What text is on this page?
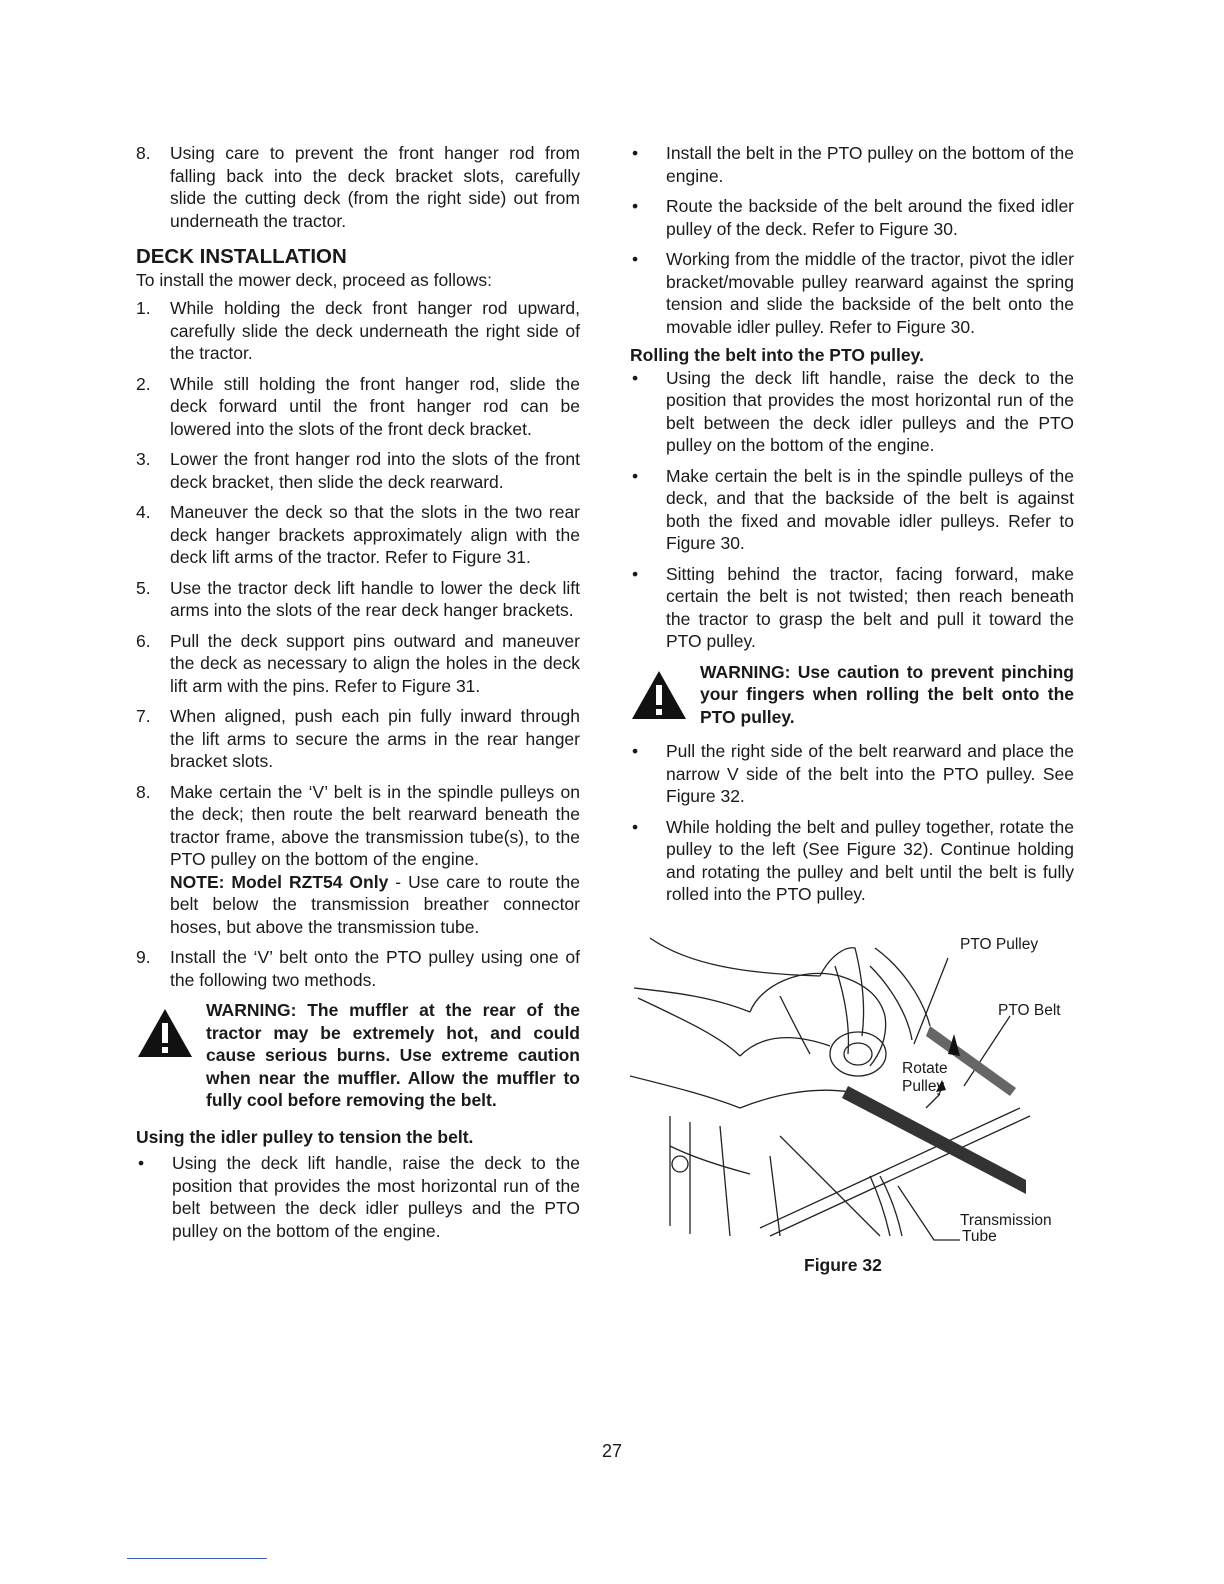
8.	Using care to prevent the front hanger rod from falling back into the deck bracket slots, carefully slide the cutting deck (from the right side) out from underneath the tractor.
DECK INSTALLATION

To install the mower deck, proceed as follows:

1.	While holding the deck front hanger rod upward, carefully slide the deck underneath the right side of the tractor.
2.	While still holding the front hanger rod, slide the deck forward until the front hanger rod can be lowered into the slots of the front deck bracket.
3.	Lower the front hanger rod into the slots of the front deck bracket, then slide the deck rearward.
4.	Maneuver the deck so that the slots in the two rear deck hanger brackets approximately align with the deck lift arms of the tractor. Refer to Figure 31.
5.	Use the tractor deck lift handle to lower the deck lift arms into the slots of the rear deck hanger brackets.
6.	Pull the deck support pins outward and maneuver the deck as necessary to align the holes in the deck lift arm with the pins. Refer to Figure 31.
7.	When aligned, push each pin fully inward through the lift arms to secure the arms in the rear hanger bracket slots.
8.	Make certain the ‘V’ belt is in the spindle pulleys on the deck; then route the belt rearward beneath the tractor frame, above the transmission tube(s), to the PTO pulley on the bottom of the engine.
NOTE: Model RZT54 Only - Use care to route the belt below the transmission breather connector hoses, but above the transmission tube.
9.	Install the ‘V’ belt onto the PTO pulley using one of the following two methods.
WARNING: The muffler at the rear of the tractor may be extremely hot, and could cause serious burns. Use extreme caution when near the muffler. Allow the muffler to fully cool before removing the belt.
Using the idler pulley to tension the belt.
•	Using the deck lift handle, raise the deck to the position that provides the most horizontal run of the belt between the deck idler pulleys and the PTO pulley on the bottom of the engine.
•	Install the belt in the PTO pulley on the bottom of the engine.
•	Route the backside of the belt around the fixed idler pulley of the deck. Refer to Figure 30.
•	Working from the middle of the tractor, pivot the idler bracket/movable pulley rearward against the spring tension and slide the backside of the belt onto the movable idler pulley. Refer to Figure 30.
Rolling the belt into the PTO pulley.
•	Using the deck lift handle, raise the deck to the position that provides the most horizontal run of the belt between the deck idler pulleys and the PTO pulley on the bottom of the engine.
•	Make certain the belt is in the spindle pulleys of the deck, and that the backside of the belt is against both the fixed and movable idler pulleys. Refer to Figure 30.
•	Sitting behind the tractor, facing forward, make certain the belt is not twisted; then reach beneath the tractor to grasp the belt and pull it toward the PTO pulley.
WARNING: Use caution to prevent pinching your fingers when rolling the belt onto the PTO pulley.
•	Pull the right side of the belt rearward and place the narrow V side of the belt into the PTO pulley. See Figure 32.
•	While holding the belt and pulley together, rotate the pulley to the left (See Figure 32). Continue holding and rotating the pulley and belt until the belt is fully rolled into the PTO pulley.
PTO Pulley
PTO Belt
Rotate
Pulley
Transmission
Tube
Figure 32
27
